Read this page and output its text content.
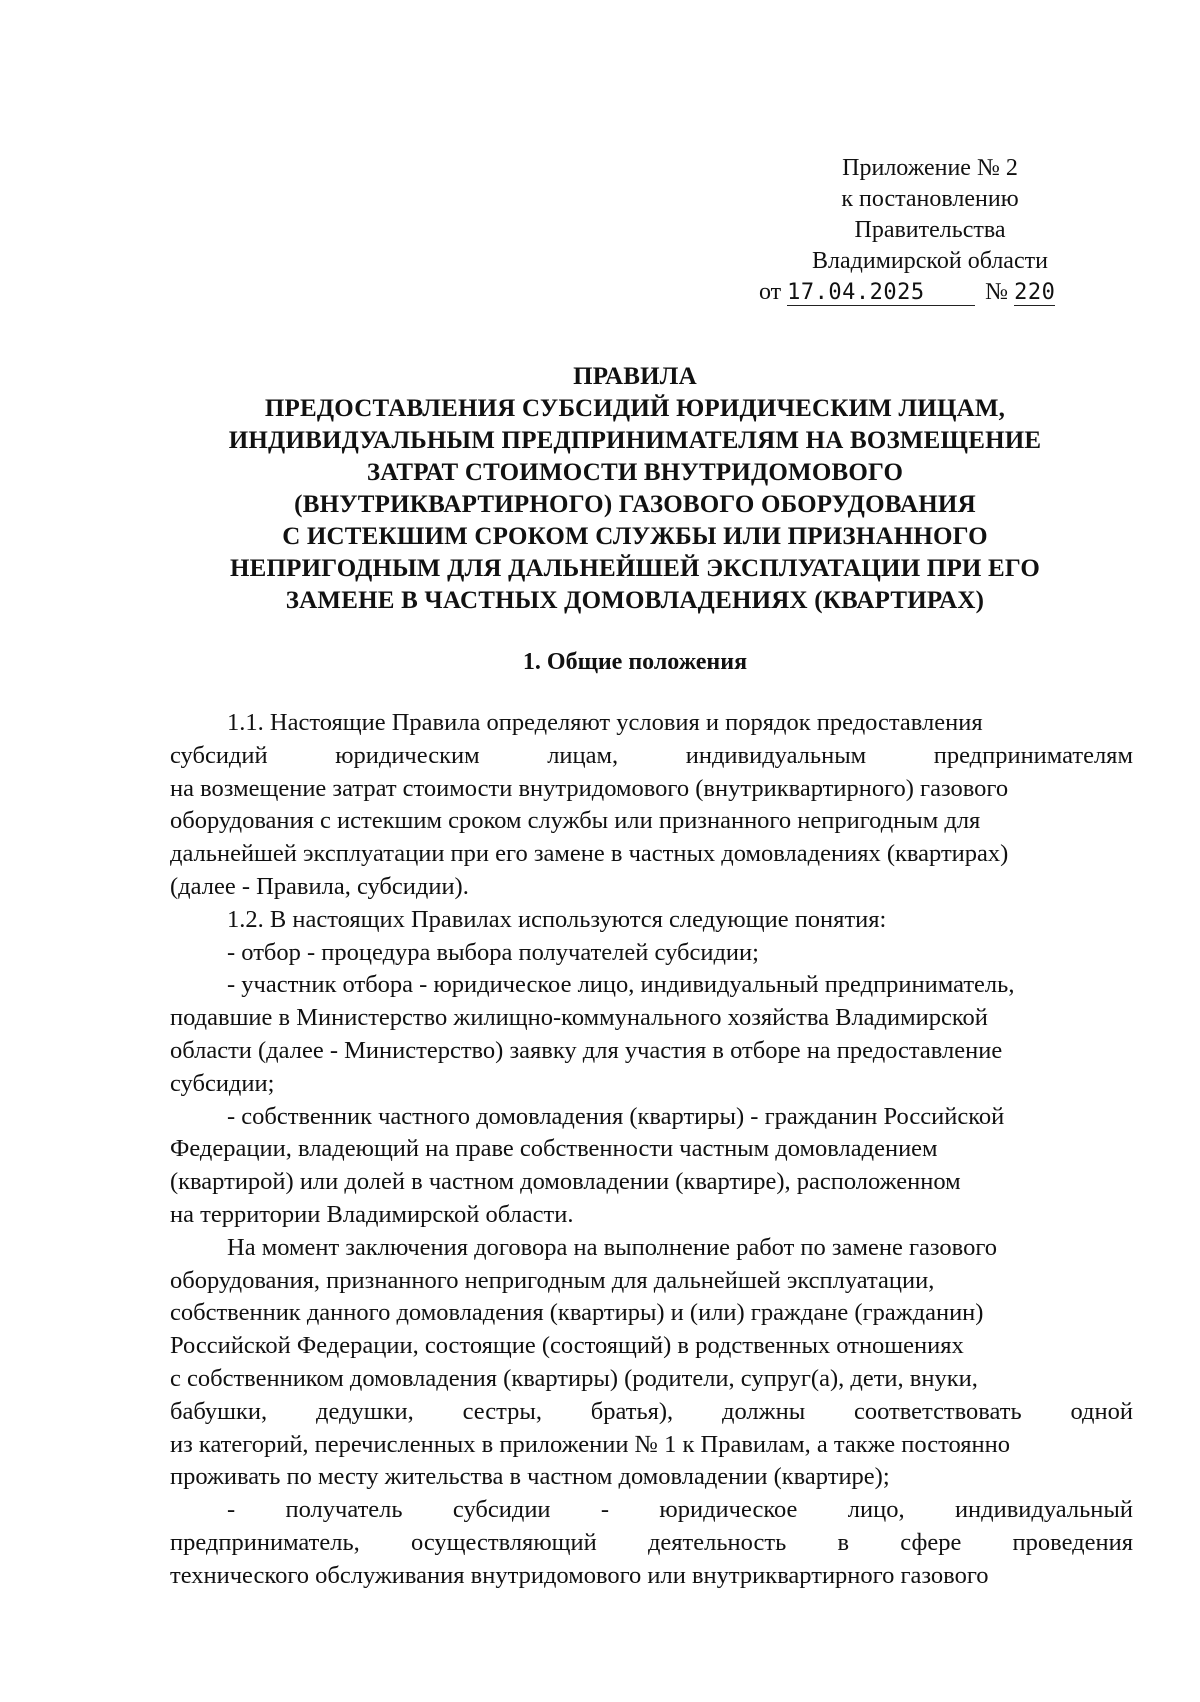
Приложение № 2
к постановлению
Правительства
Владимирской области
от 17.04.2025	№ 220
ПРАВИЛА
ПРЕДОСТАВЛЕНИЯ СУБСИДИЙ ЮРИДИЧЕСКИМ ЛИЦАМ,
ИНДИВИДУАЛЬНЫМ ПРЕДПРИНИМАТЕЛЯМ НА ВОЗМЕЩЕНИЕ
ЗАТРАТ СТОИМОСТИ ВНУТРИДОМОВОГО
(ВНУТРИКВАРТИРНОГО) ГАЗОВОГО ОБОРУДОВАНИЯ
С ИСТЕКШИМ СРОКОМ СЛУЖБЫ ИЛИ ПРИЗНАННОГО
НЕПРИГОДНЫМ ДЛЯ ДАЛЬНЕЙШЕЙ ЭКСПЛУАТАЦИИ ПРИ ЕГО
ЗАМЕНЕ В ЧАСТНЫХ ДОМОВЛАДЕНИЯХ (КВАРТИРАХ)
1. Общие положения
1.1. Настоящие Правила определяют условия и порядок предоставления
субсидий	юридическим	лицам,	индивидуальным	предпринимателям
на возмещение затрат стоимости внутридомового (внутриквартирного) газового
оборудования с истекшим сроком службы или признанного непригодным для
дальнейшей эксплуатации при его замене в частных домовладениях (квартирах)
(далее - Правила, субсидии).
1.2. В настоящих Правилах используются следующие понятия:
- отбор - процедура выбора получателей субсидии;
- участник отбора - юридическое лицо, индивидуальный предприниматель,
подавшие в Министерство жилищно-коммунального хозяйства Владимирской
области (далее - Министерство) заявку для участия в отборе на предоставление
субсидии;
- собственник частного домовладения (квартиры) - гражданин Российской
Федерации, владеющий на праве собственности частным домовладением
(квартирой) или долей в частном домовладении (квартире), расположенном
на территории Владимирской области.
На момент заключения договора на выполнение работ по замене газового
оборудования, признанного непригодным для дальнейшей эксплуатации,
собственник данного домовладения (квартиры) и (или) граждане (гражданин)
Российской Федерации, состоящие (состоящий) в родственных отношениях
с собственником домовладения (квартиры) (родители, супруг(а), дети, внуки,
бабушки, дедушки, сестры, братья), должны соответствовать одной
из категорий, перечисленных в приложении № 1 к Правилам, а также постоянно
проживать по месту жительства в частном домовладении (квартире);
- получатель субсидии - юридическое лицо, индивидуальный
предприниматель, осуществляющий деятельность в сфере проведения
технического обслуживания внутридомового или внутриквартирного газового
